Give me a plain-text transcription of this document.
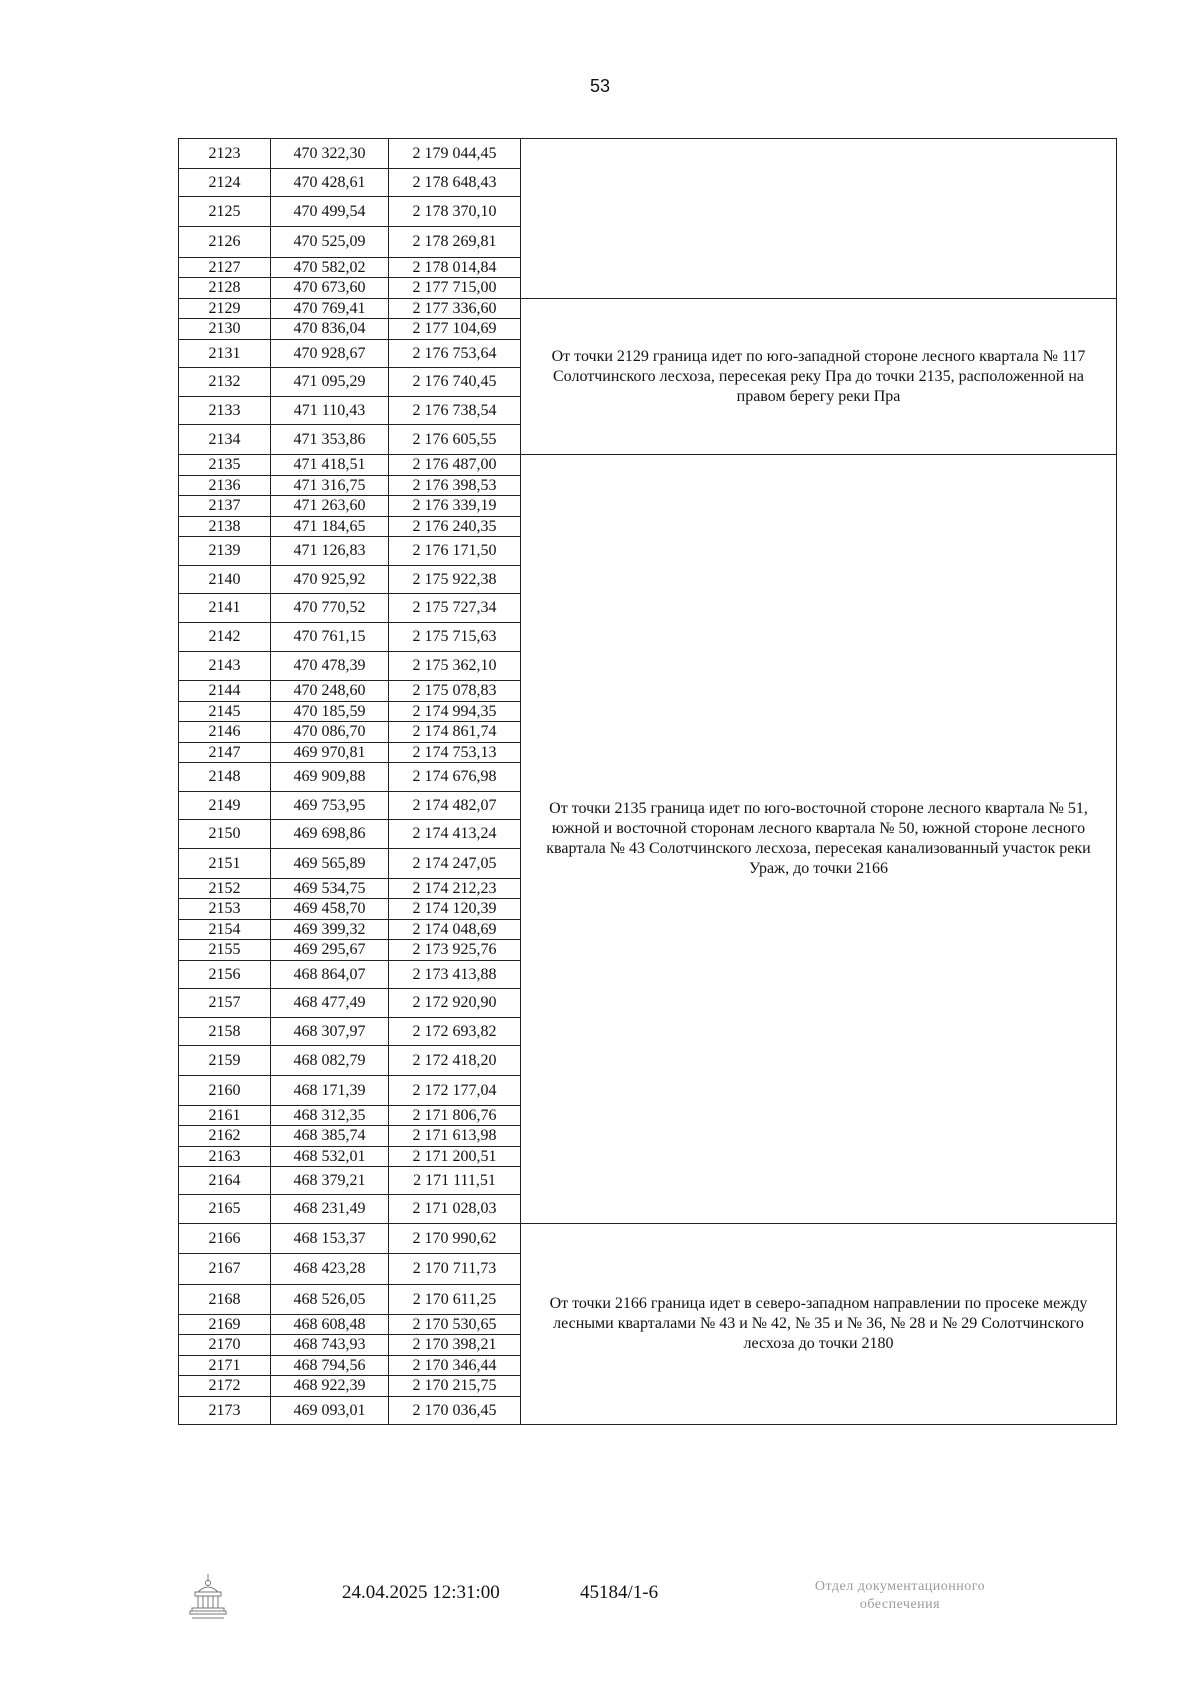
53
2123	470 322,30	2 179 044,45	
2124	470 428,61	2 178 648,43	
2125	470 499,54	2 178 370,10	
2126	470 525,09	2 178 269,81	
2127	470 582,02	2 178 014,84	
2128	470 673,60	2 177 715,00	
2129	470 769,41	2 177 336,60	От точки 2129 граница идет по юго-западной стороне лесного квартала № 117 Солотчинского лесхоза, пересекая реку Пра до точки 2135, расположенной на правом берегу реки Пра
2130	470 836,04	2 177 104,69	
2131	470 928,67	2 176 753,64	
2132	471 095,29	2 176 740,45	
2133	471 110,43	2 176 738,54	
2134	471 353,86	2 176 605,55	
2135	471 418,51	2 176 487,00	От точки 2135 граница идет по юго-восточной стороне лесного квартала № 51, южной и восточной сторонам лесного квартала № 50, южной стороне лесного квартала № 43 Солотчинского лесхоза, пересекая канализованный участок реки Ураж, до точки 2166
2136	471 316,75	2 176 398,53	
2137	471 263,60	2 176 339,19	
2138	471 184,65	2 176 240,35	
2139	471 126,83	2 176 171,50	
2140	470 925,92	2 175 922,38	
2141	470 770,52	2 175 727,34	
2142	470 761,15	2 175 715,63	
2143	470 478,39	2 175 362,10	
2144	470 248,60	2 175 078,83	
2145	470 185,59	2 174 994,35	
2146	470 086,70	2 174 861,74	
2147	469 970,81	2 174 753,13	
2148	469 909,88	2 174 676,98	
2149	469 753,95	2 174 482,07	
2150	469 698,86	2 174 413,24	
2151	469 565,89	2 174 247,05	
2152	469 534,75	2 174 212,23	
2153	469 458,70	2 174 120,39	
2154	469 399,32	2 174 048,69	
2155	469 295,67	2 173 925,76	
2156	468 864,07	2 173 413,88	
2157	468 477,49	2 172 920,90	
2158	468 307,97	2 172 693,82	
2159	468 082,79	2 172 418,20	
2160	468 171,39	2 172 177,04	
2161	468 312,35	2 171 806,76	
2162	468 385,74	2 171 613,98	
2163	468 532,01	2 171 200,51	
2164	468 379,21	2 171 111,51	
2165	468 231,49	2 171 028,03	
2166	468 153,37	2 170 990,62	От точки 2166 граница идет в северо-западном направлении по просеке между лесными кварталами № 43 и № 42, № 35 и № 36, № 28 и № 29 Солотчинского лесхоза до точки 2180
2167	468 423,28	2 170 711,73	
2168	468 526,05	2 170 611,25	
2169	468 608,48	2 170 530,65	
2170	468 743,93	2 170 398,21	
2171	468 794,56	2 170 346,44	
2172	468 922,39	2 170 215,75	
2173	469 093,01	2 170 036,45	
24.04.2025 12:31:00	45184/1-6	Отдел документационного
обеспечения
